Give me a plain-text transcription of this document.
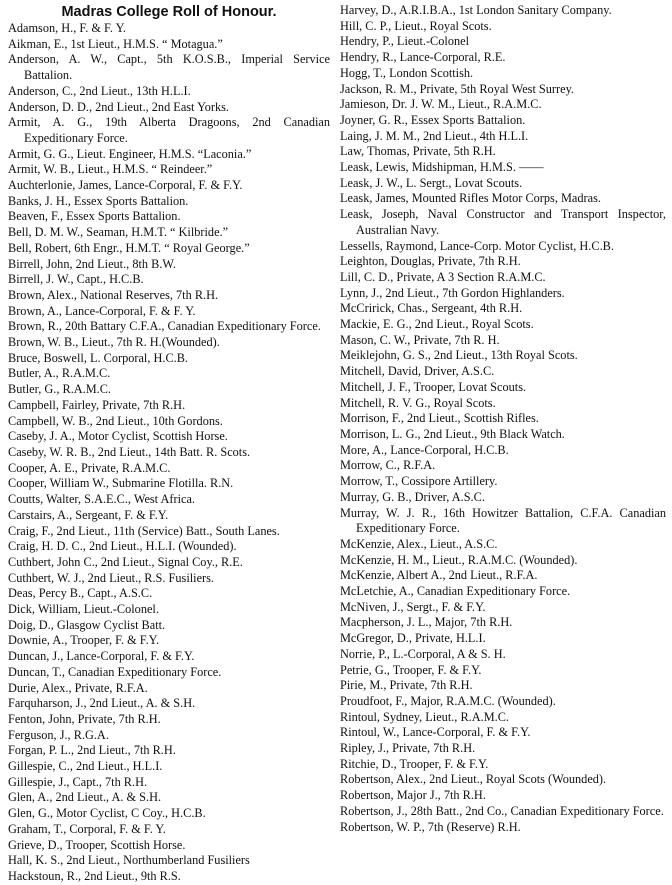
Madras College Roll of Honour.
Adamson, H., F. & F. Y.
Aikman, E., 1st Lieut., H.M.S. “ Motagua.”
Anderson, A. W., Capt., 5th K.O.S.B., Imperial Service Battalion.
Anderson, C., 2nd Lieut., 13th H.L.I.
Anderson, D. D., 2nd Lieut., 2nd East Yorks.
Armit, A. G., 19th Alberta Dragoons, 2nd Canadian Expeditionary Force.
Armit, G. G., Lieut. Engineer, H.M.S. “Laconia.”
Armit, W. B., Lieut., H.M.S. “ Reindeer.”
Auchterlonie, James, Lance-Corporal, F. & F.Y.
Banks, J. H., Essex Sports Battalion.
Beaven, F., Essex Sports Battalion.
Bell, D. M. W., Seaman, H.M.T. “ Kilbride.”
Bell, Robert, 6th Engr., H.M.T. “ Royal George.”
Birrell, John, 2nd Lieut., 8th B.W.
Birrell, J. W., Capt., H.C.B.
Brown, Alex., National Reserves, 7th R.H.
Brown, A., Lance-Corporal, F. & F. Y.
Brown, R., 20th Battary C.F.A., Canadian Expeditionary Force.
Brown, W. B., Lieut., 7th R. H.(Wounded).
Bruce, Boswell, L. Corporal, H.C.B.
Butler, A., R.A.M.C.
Butler, G., R.A.M.C.
Campbell, Fairley, Private, 7th R.H.
Campbell, W. B., 2nd Lieut., 10th Gordons.
Caseby, J. A., Motor Cyclist, Scottish Horse.
Caseby, W. R. B., 2nd Lieut., 14th Batt. R. Scots.
Cooper, A. E., Private, R.A.M.C.
Cooper, William W., Submarine Flotilla. R.N.
Coutts, Walter, S.A.E.C., West Africa.
Carstairs, A., Sergeant, F. & F.Y.
Craig, F., 2nd Lieut., 11th (Service) Batt., South Lanes.
Craig, H. D. C., 2nd Lieut., H.L.I. (Wounded).
Cuthbert, John C., 2nd Lieut., Signal Coy., R.E.
Cuthbert, W. J., 2nd Lieut., R.S. Fusiliers.
Deas, Percy B., Capt., A.S.C.
Dick, William, Lieut.-Colonel.
Doig, D., Glasgow Cyclist Batt.
Downie, A., Trooper, F. & F.Y.
Duncan, J., Lance-Corporal, F. & F.Y.
Duncan, T., Canadian Expeditionary Force.
Durie, Alex., Private, R.F.A.
Farquharson, J., 2nd Lieut., A. & S.H.
Fenton, John, Private, 7th R.H.
Ferguson, J., R.G.A.
Forgan, P. L., 2nd Lieut., 7th R.H.
Gillespie, C., 2nd Lieut., H.L.I.
Gillespie, J., Capt., 7th R.H.
Glen, A., 2nd Lieut., A. & S.H.
Glen, G., Motor Cyclist, C Coy., H.C.B.
Graham, T., Corporal, F. & F. Y.
Grieve, D., Trooper, Scottish Horse.
Hall, K. S., 2nd Lieut., Northumberland Fusiliers
Hackstoun, R., 2nd Lieut., 9th R.S.
Harvey, D., A.R.I.B.A., 1st London Sanitary Company.
Hill, C. P., Lieut., Royal Scots.
Hendry, P., Lieut.-Colonel
Hendry, R., Lance-Corporal, R.E.
Hogg, T., London Scottish.
Jackson, R. M., Private, 5th Royal West Surrey.
Jamieson, Dr. J. W. M., Lieut., R.A.M.C.
Joyner, G. R., Essex Sports Battalion.
Laing, J. M. M., 2nd Lieut., 4th H.L.I.
Law, Thomas, Private, 5th R.H.
Leask, Lewis, Midshipman, H.M.S. ——
Leask, J. W., L. Sergt., Lovat Scouts.
Leask, James, Mounted Rifles Motor Corps, Madras.
Leask, Joseph, Naval Constructor and Transport Inspector, Australian Navy.
Lessells, Raymond, Lance-Corp. Motor Cyclist, H.C.B.
Leighton, Douglas, Private, 7th R.H.
Lill, C. D., Private, A 3 Section R.A.M.C.
Lynn, J., 2nd Lieut., 7th Gordon Highlanders.
McCririck, Chas., Sergeant, 4th R.H.
Mackie, E. G., 2nd Lieut., Royal Scots.
Mason, C. W., Private, 7th R. H.
Meiklejohn, G. S., 2nd Lieut., 13th Royal Scots.
Mitchell, David, Driver, A.S.C.
Mitchell, J. F., Trooper, Lovat Scouts.
Mitchell, R. V. G., Royal Scots.
Morrison, F., 2nd Lieut., Scottish Rifles.
Morrison, L. G., 2nd Lieut., 9th Black Watch.
More, A., Lance-Corporal, H.C.B.
Morrow, C., R.F.A.
Morrow, T., Cossipore Artillery.
Murray, G. B., Driver, A.S.C.
Murray, W. J. R., 16th Howitzer Battalion, C.F.A. Canadian Expeditionary Force.
McKenzie, Alex., Lieut., A.S.C.
McKenzie, H. M., Lieut., R.A.M.C. (Wounded).
McKenzie, Albert A., 2nd Lieut., R.F.A.
McLetchie, A., Canadian Expeditionary Force.
McNiven, J., Sergt., F. & F.Y.
Macpherson, J. L., Major, 7th R.H.
McGregor, D., Private, H.L.I.
Norrie, P., L.-Corporal, A & S. H.
Petrie, G., Trooper, F. & F.Y.
Pirie, M., Private, 7th R.H.
Proudfoot, F., Major, R.A.M.C. (Wounded).
Rintoul, Sydney, Lieut., R.A.M.C.
Rintoul, W., Lance-Corporal, F. & F.Y.
Ripley, J., Private, 7th R.H.
Ritchie, D., Trooper, F. & F.Y.
Robertson, Alex., 2nd Lieut., Royal Scots (Wounded).
Robertson, Major J., 7th R.H.
Robertson, J., 28th Batt., 2nd Co., Canadian Expeditionary Force.
Robertson, W. P., 7th (Reserve) R.H.
